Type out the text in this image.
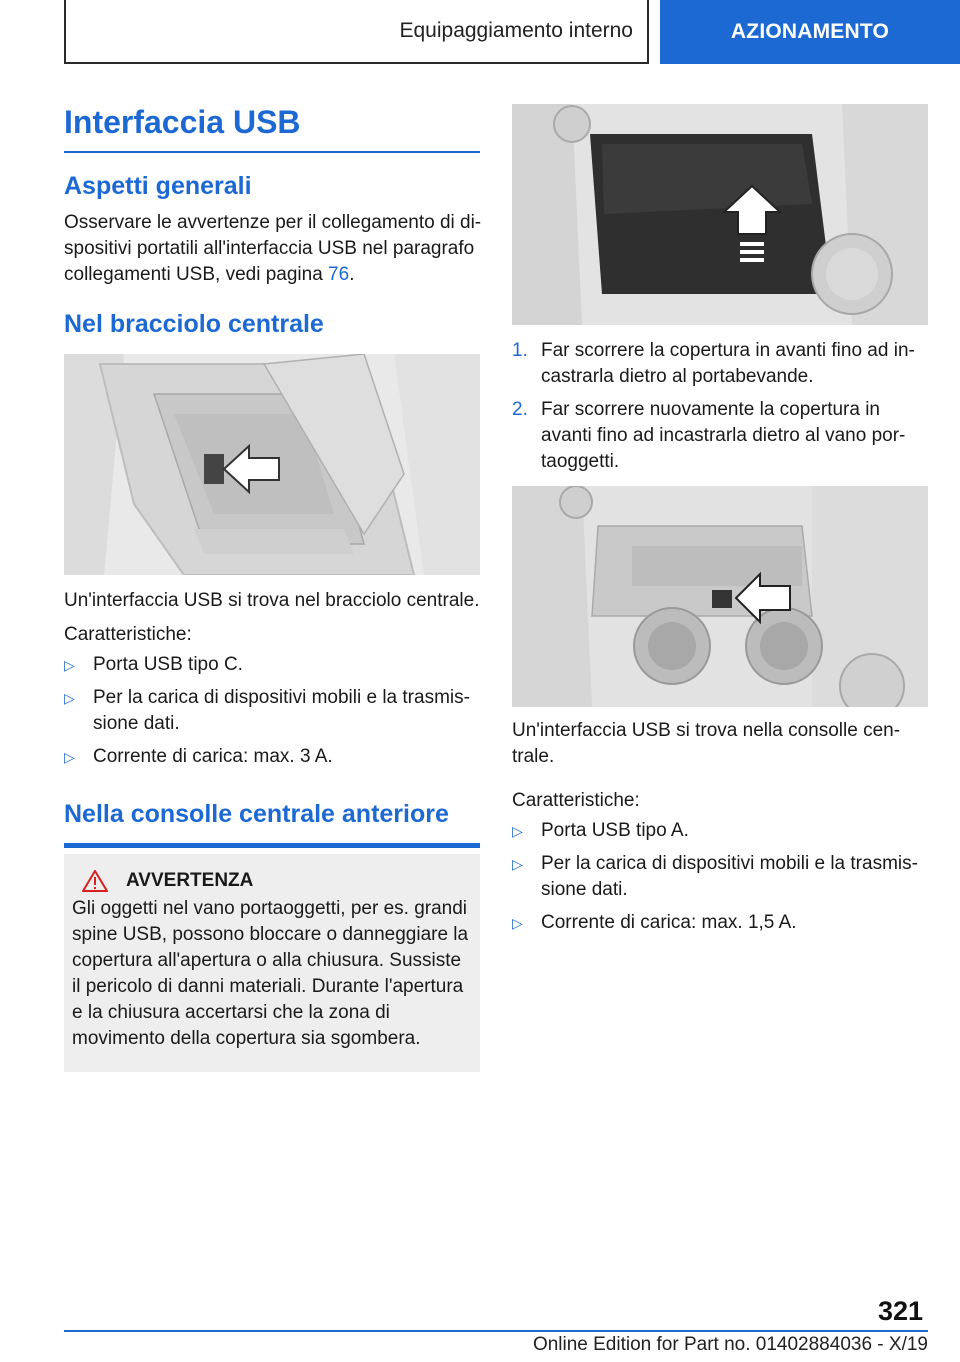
Equipaggiamento interno	AZIONAMENTO
Interfaccia USB
Aspetti generali
Osservare le avvertenze per il collegamento di di-spositivi portatili all'interfaccia USB nel paragrafo collegamenti USB, vedi pagina 76.
Nel bracciolo centrale
Un'interfaccia USB si trova nel bracciolo centrale.
Caratteristiche:
▷ Porta USB tipo C.
▷ Per la carica di dispositivi mobili e la trasmis-sione dati.
▷ Corrente di carica: max. 3 A.
Nella consolle centrale anteriore
AVVERTENZA
Gli oggetti nel vano portaoggetti, per es. grandi spine USB, possono bloccare o danneggiare la copertura all'apertura o alla chiusura. Sussiste il pericolo di danni materiali. Durante l'apertura e la chiusura accertarsi che la zona di movimento della copertura sia sgombera.
1. Far scorrere la copertura in avanti fino ad in-castrarla dietro al portabevande.
2. Far scorrere nuovamente la copertura in avanti fino ad incastrarla dietro al vano por-taoggetti.
Un'interfaccia USB si trova nella consolle cen-trale.
Caratteristiche:
▷ Porta USB tipo A.
▷ Per la carica di dispositivi mobili e la trasmis-sione dati.
▷ Corrente di carica: max. 1,5 A.
321
Online Edition for Part no. 01402884036 - X/19
